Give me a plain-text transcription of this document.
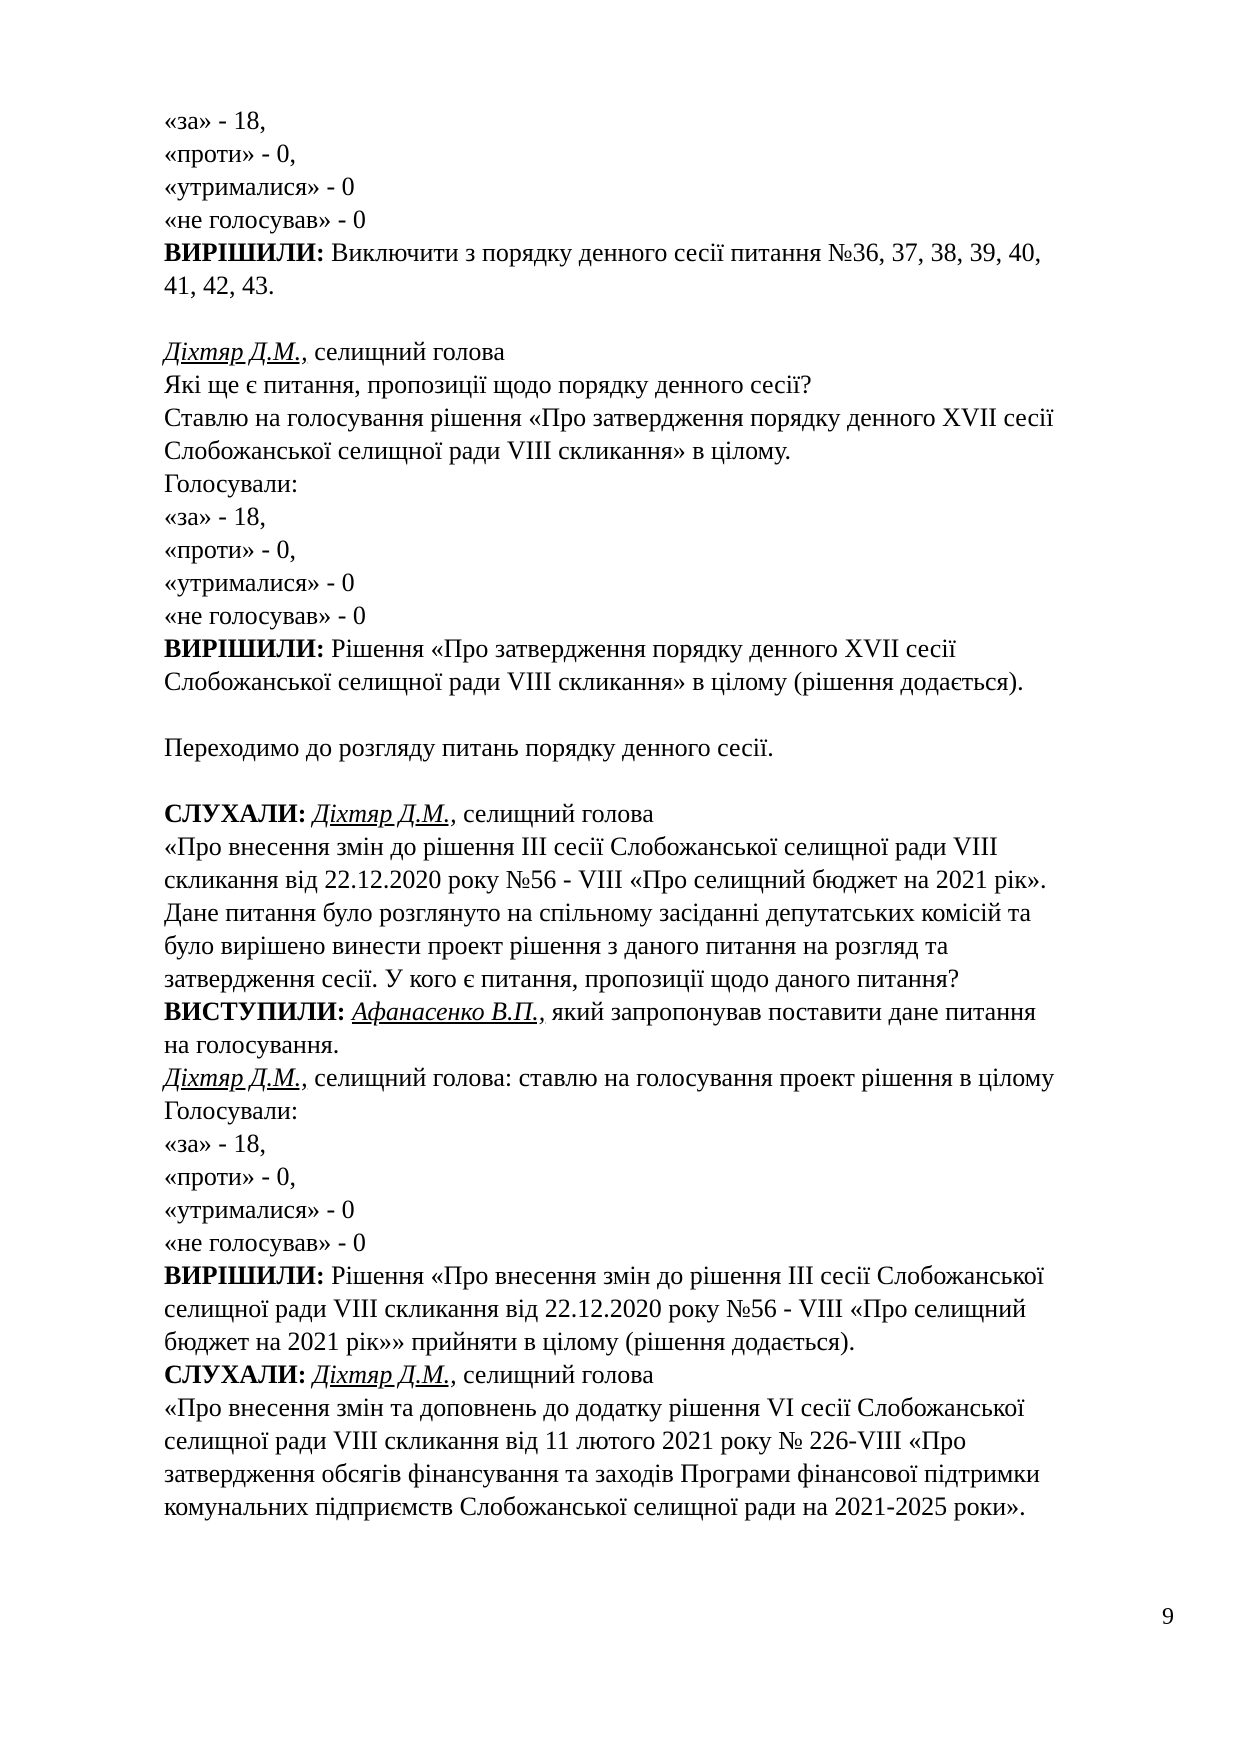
«за» - 18,
«проти» - 0,
«утрималися» - 0
«не голосував» - 0
ВИРІШИЛИ: Виключити з порядку денного сесії питання №36, 37, 38, 39, 40,
41, 42, 43.
Діхтяр Д.М., селищний голова
Які ще є питання, пропозиції щодо порядку денного сесії?
Ставлю на голосування рішення «Про затвердження порядку денного XVII сесії
Слобожанської селищної ради VIII скликання» в цілому.
Голосували:
«за» - 18,
«проти» - 0,
«утрималися» - 0
«не голосував» - 0
ВИРІШИЛИ: Рішення «Про затвердження порядку денного XVII сесії
Слобожанської селищної ради VIII скликання» в цілому (рішення додається).
Переходимо до розгляду питань порядку денного сесії.
СЛУХАЛИ: Діхтяр Д.М., селищний голова
«Про внесення змін до рішення III сесії Слобожанської селищної ради VIII
скликання від 22.12.2020 року №56 - VIII «Про селищний бюджет на 2021 рік».
Дане питання було розглянуто на спільному засіданні депутатських комісій та
було вирішено винести проект рішення з даного питання на розгляд та
затвердження сесії. У кого є питання, пропозиції щодо даного питання?
ВИСТУПИЛИ: Афанасенко В.П., який запропонував поставити дане питання
на голосування.
Діхтяр Д.М., селищний голова: ставлю на голосування проект рішення в цілому
Голосували:
«за» - 18,
«проти» - 0,
«утрималися» - 0
«не голосував» - 0
ВИРІШИЛИ: Рішення «Про внесення змін до рішення III сесії Слобожанської
селищної ради VIII скликання від 22.12.2020 року №56 - VIII «Про селищний
бюджет на 2021 рік»» прийняти в цілому (рішення додається).
СЛУХАЛИ: Діхтяр Д.М., селищний голова
«Про внесення змін та доповнень до додатку рішення VI сесії Слобожанської
селищної ради VIII скликання від 11 лютого 2021 року № 226-VIII «Про
затвердження обсягів фінансування та заходів Програми фінансової підтримки
комунальних підприємств Слобожанської селищної ради на 2021-2025 роки».
9
